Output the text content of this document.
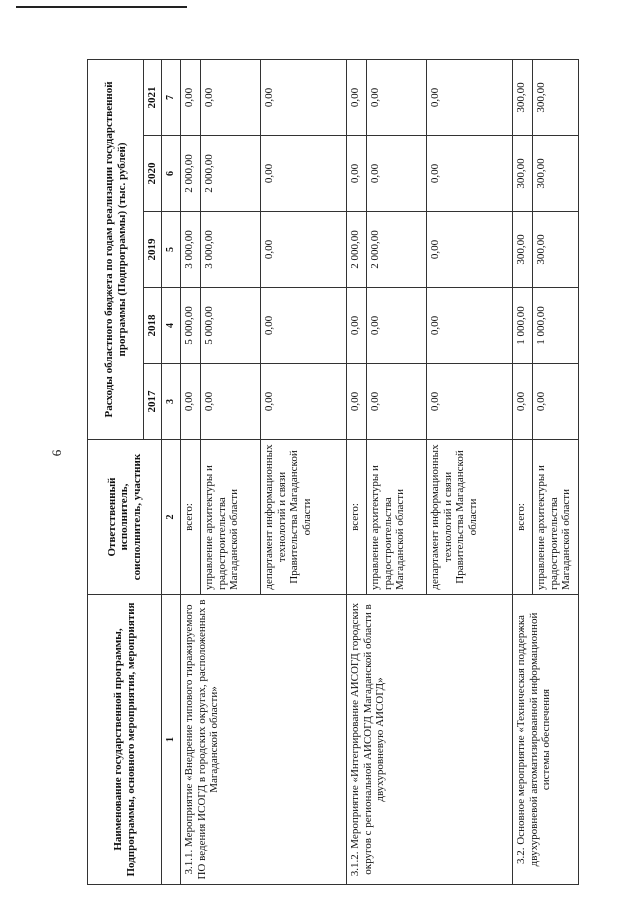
6
Наименование государственной программы, Подпрограммы, основного мероприятия, мероприятия	Ответственный исполнитель, соисполнитель, участник	Расходы областного бюджета по годам реализации государственной программы (Подпрограммы) (тыс. рублей)				
		2017	2018	2019	2020	2021
1	2	3	4	5	6	7
3.1.1. Мероприятие «Внедрение типового тиражируемого ПО ведения ИСОГД в городских округах, расположенных в Магаданской области»	всего:	0,00	5 000,00	3 000,00	2 000,00	0,00
	управление архитектуры и градостроительства Магаданской области	0,00	5 000,00	3 000,00	2 000,00	0,00
	департамент информационных технологий и связи Правительства Магаданской области	0,00	0,00	0,00	0,00	0,00
3.1.2. Мероприятие «Интегрирование АИСОГД городских округов с региональной АИСОГД Магаданской области в двухуровневую АИСОГД»	всего:	0,00	0,00	2 000,00	0,00	0,00
	управление архитектуры и градостроительства Магаданской области	0,00	0,00	2 000,00	0,00	0,00
	департамент информационных технологий и связи Правительства Магаданской области	0,00	0,00	0,00	0,00	0,00
3.2. Основное мероприятие «Техническая поддержка двухуровневой автоматизированной информационной системы обеспечения	всего:	0,00	1 000,00	300,00	300,00	300,00
	управление архитектуры и градостроительства Магаданской области	0,00	1 000,00	300,00	300,00	300,00
